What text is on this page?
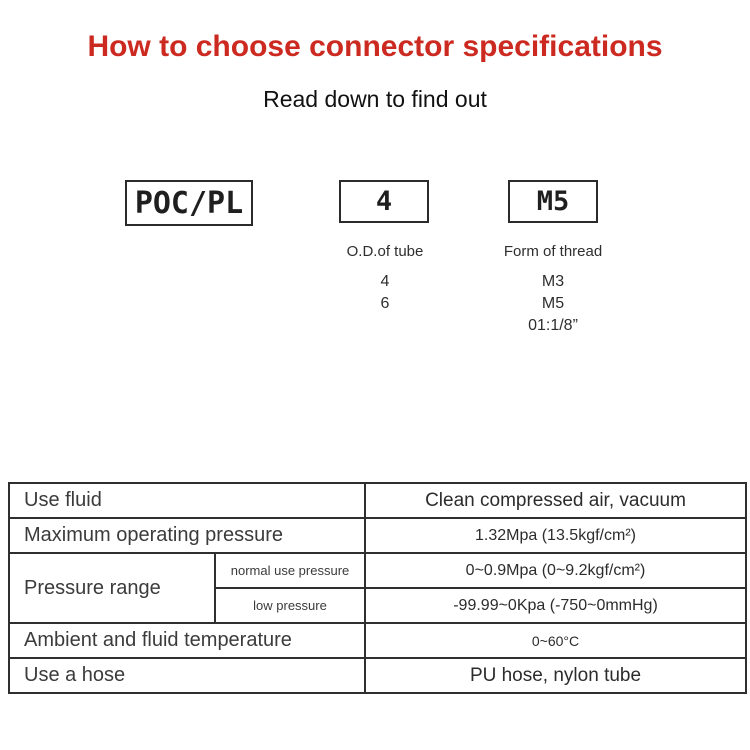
How to choose connector specifications
Read down to find out
POC/PL	4	M5
O.D.of tube	Form of thread
4
6
M3
M5
01:1/8”
Use fluid		Clean compressed air, vacuum
Maximum operating pressure		1.32Mpa (13.5kgf/cm²)
Pressure range	normal use pressure	0~0.9Mpa (0~9.2kgf/cm²)
	low pressure	-99.99~0Kpa (-750~0mmHg)
Ambient and fluid temperature		0~60°C
Use a hose		PU hose, nylon tube
